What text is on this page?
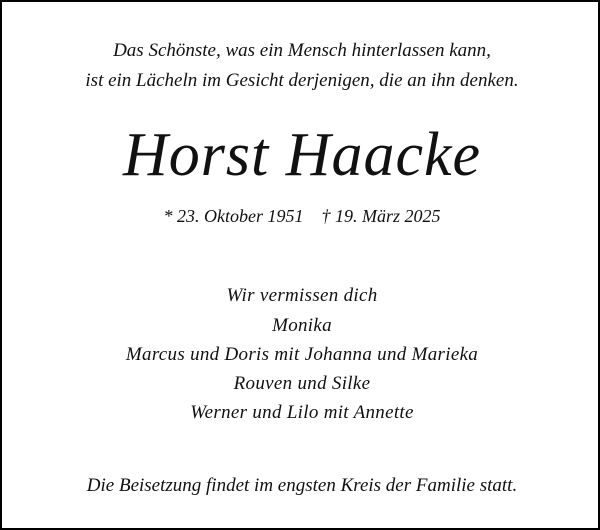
Das Schönste, was ein Mensch hinterlassen kann,
ist ein Lächeln im Gesicht derjenigen, die an ihn denken.
Horst Haacke
* 23. Oktober 1951 † 19. März 2025
Wir vermissen dich
Monika
Marcus und Doris mit Johanna und Marieka
Rouven und Silke
Werner und Lilo mit Annette
Die Beisetzung findet im engsten Kreis der Familie statt.
